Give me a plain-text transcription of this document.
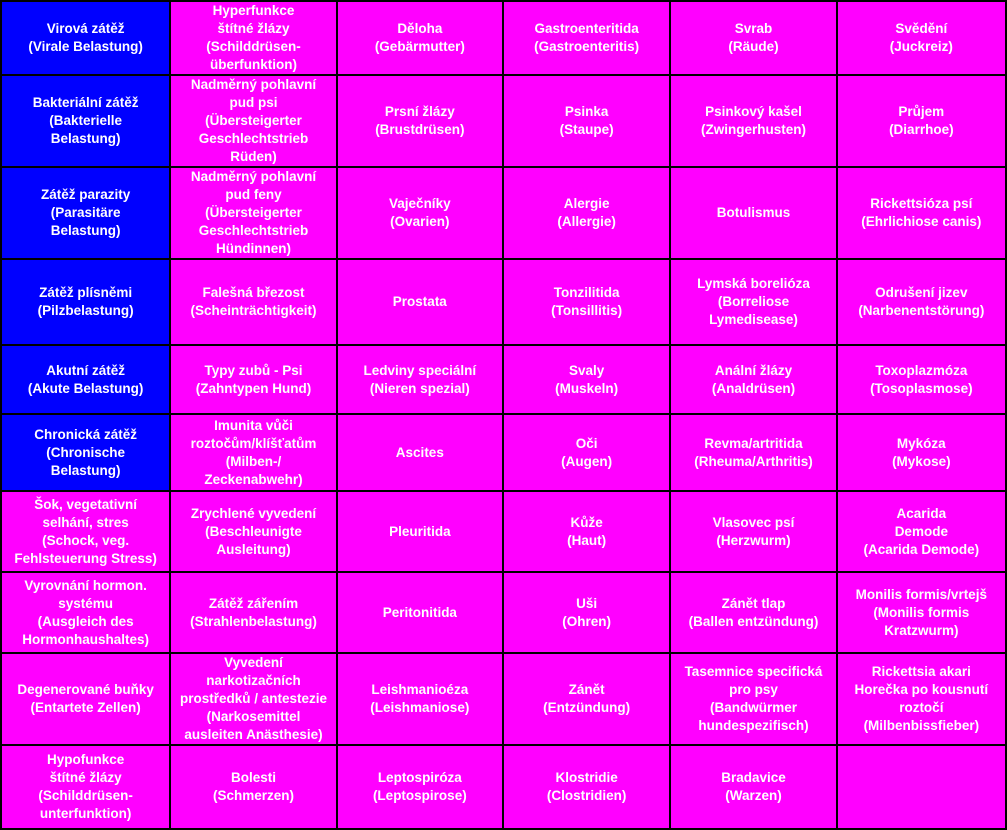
Virová zátěž
(Virale Belastung)	Hyperfunkce
štítné žlázy
(Schilddrüsen-
überfunktion)	Děloha
(Gebärmutter)	Gastroenteritida
(Gastroenteritis)	Svrab
(Räude)	Svědění
(Juckreiz)

Bakteriální zátěž
(Bakterielle
Belastung)	Nadměrný pohlavní
pud psi
(Übersteigerter
Geschlechtstrieb
Rüden)	Prsní žlázy
(Brustdrüsen)	Psinka
(Staupe)	Psinkový kašel
(Zwingerhusten)	Průjem
(Diarrhoe)

Zátěž parazity
(Parasitäre
Belastung)	Nadměrný pohlavní
pud feny
(Übersteigerter
Geschlechtstrieb
Hündinnen)	Vaječníky
(Ovarien)	Alergie
(Allergie)	Botulismus	Rickettsióza psí
(Ehrlichiose canis)

Zátěž plísněmi
(Pilzbelastung)	Falešná březost
(Scheinträchtigkeit)	Prostata	Tonzilitida
(Tonsillitis)	Lymská borelióza
(Borreliose
Lymedisease)	Odrušení jizev
(Narbenentstörung)

Akutní zátěž
(Akute Belastung)	Typy zubů - Psi
(Zahntypen Hund)	Ledviny speciální
(Nieren spezial)	Svaly
(Muskeln)	Anální žlázy
(Analdrüsen)	Toxoplazmóza
(Tosoplasmose)

Chronická zátěž
(Chronische
Belastung)	Imunita vůči
roztočům/klíšťatům
(Milben-/
Zeckenabwehr)	Ascites	Oči
(Augen)	Revma/artritida
(Rheuma/Arthritis)	Mykóza
(Mykose)

Šok, vegetativní
selhání, stres
(Schock, veg.
Fehlsteuerung Stress)	Zrychlené vyvedení
(Beschleunigte
Ausleitung)	Pleuritida	Kůže
(Haut)	Vlasovec psí
(Herzwurm)	Acarida
Demode
(Acarida Demode)

Vyrovnání hormon.
systému
(Ausgleich des
Hormonhaushaltes)	Zátěž zářením
(Strahlenbelastung)	Peritonitida	Uši
(Ohren)	Zánět tlap
(Ballen entzündung)	Monilis formis/vrtejš
(Monilis formis
Kratzwurm)

Degenerované buňky
(Entartete Zellen)	Vyvedení
narkotizačních
prostředků / antestezie
(Narkosemittel
ausleiten Anästhesie)	Leishmanioéza
(Leishmaniose)	Zánět
(Entzündung)	Tasemnice specifická
pro psy
(Bandwürmer
hundespezifisch)	Rickettsia akari
Horečka po kousnutí
roztočí
(Milbenbissfieber)

Hypofunkce
štítné žlázy
(Schilddrüsen-
unterfunktion)	Bolesti
(Schmerzen)	Leptospiróza
(Leptospirose)	Klostridie
(Clostridien)	Bradavice
(Warzen)	
